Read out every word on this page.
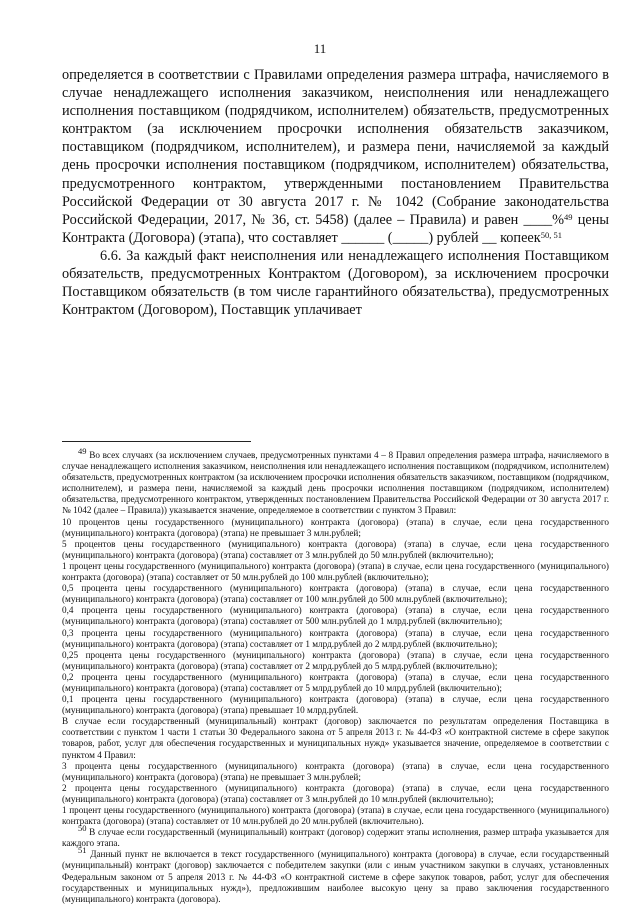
11

определяется в соответствии с Правилами определения размера штрафа, начисляемого в случае ненадлежащего исполнения заказчиком, неисполнения или ненадлежащего исполнения поставщиком (подрядчиком, исполнителем) обязательств, предусмотренных контрактом (за исключением просрочки исполнения обязательств заказчиком, поставщиком (подрядчиком, исполнителем), и размера пени, начисляемой за каждый день просрочки исполнения поставщиком (подрядчиком, исполнителем) обязательства, предусмотренного контрактом, утвержденными постановлением Правительства Российской Федерации от 30 августа 2017 г. № 1042 (Собрание законодательства Российской Федерации, 2017, № 36, ст. 5458) (далее – Правила) и равен ____%$^{49}$ цены Контракта (Договора) (этапа), что составляет ______ (_____) рублей __ копеек$^{50, 51}$

6.6. За каждый факт неисполнения или ненадлежащего исполнения Поставщиком обязательств, предусмотренных Контрактом (Договором), за исключением просрочки Поставщиком обязательств (в том числе гарантийного обязательства), предусмотренных Контрактом (Договором), Поставщик уплачивает

$^{49}$ Во всех случаях (за исключением случаев, предусмотренных пунктами 4 – 8 Правил определения размера штрафа, начисляемого в случае ненадлежащего исполнения заказчиком, неисполнения или ненадлежащего исполнения поставщиком (подрядчиком, исполнителем) обязательств, предусмотренных контрактом (за исключением просрочки исполнения обязательств заказчиком, поставщиком (подрядчиком, исполнителем), и размера пени, начисляемой за каждый день просрочки исполнения поставщиком (подрядчиком, исполнителем) обязательства, предусмотренного контрактом, утвержденных постановлением Правительства Российской Федерации от 30 августа 2017 г. № 1042 (далее – Правила)) указывается значение, определяемое в соответствии с пунктом 3 Правил:

10 процентов цены государственного (муниципального) контракта (договора) (этапа) в случае, если цена государственного (муниципального) контракта (договора) (этапа) не превышает 3 млн.рублей;

5 процентов цены государственного (муниципального) контракта (договора) (этапа) в случае, если цена государственного (муниципального) контракта (договора) (этапа) составляет от 3 млн.рублей до 50 млн.рублей (включительно);

1 процент цены государственного (муниципального) контракта (договора) (этапа) в случае, если цена государственного (муниципального) контракта (договора) (этапа) составляет от 50 млн.рублей до 100 млн.рублей (включительно);

0,5 процента цены государственного (муниципального) контракта (договора) (этапа) в случае, если цена государственного (муниципального) контракта (договора) (этапа) составляет от 100 млн.рублей до 500 млн.рублей (включительно);

0,4 процента цены государственного (муниципального) контракта (договора) (этапа) в случае, если цена государственного (муниципального) контракта (договора) (этапа) составляет от 500 млн.рублей до 1 млрд.рублей (включительно);

0,3 процента цены государственного (муниципального) контракта (договора) (этапа) в случае, если цена государственного (муниципального) контракта (договора) (этапа) составляет от 1 млрд.рублей до 2 млрд.рублей (включительно);

0,25 процента цены государственного (муниципального) контракта (договора) (этапа) в случае, если цена государственного (муниципального) контракта (договора) (этапа) составляет от 2 млрд.рублей до 5 млрд.рублей (включительно);

0,2 процента цены государственного (муниципального) контракта (договора) (этапа) в случае, если цена государственного (муниципального) контракта (договора) (этапа) составляет от 5 млрд.рублей до 10 млрд.рублей (включительно);

0,1 процента цены государственного (муниципального) контракта (договора) (этапа) в случае, если цена государственного (муниципального) контракта (договора) (этапа) превышает 10 млрд.рублей.

В случае если государственный (муниципальный) контракт (договор) заключается по результатам определения Поставщика в соответствии с пунктом 1 части 1 статьи 30 Федерального закона от 5 апреля 2013 г. № 44-ФЗ «О контрактной системе в сфере закупок товаров, работ, услуг для обеспечения государственных и муниципальных нужд» указывается значение, определяемое в соответствии с пунктом 4 Правил:

3 процента цены государственного (муниципального) контракта (договора) (этапа) в случае, если цена государственного (муниципального) контракта (договора) (этапа) не превышает 3 млн.рублей;

2 процента цены государственного (муниципального) контракта (договора) (этапа) в случае, если цена государственного (муниципального) контракта (договора) (этапа) составляет от 3 млн.рублей до 10 млн.рублей (включительно);

1 процент цены государственного (муниципального) контракта (договора) (этапа) в случае, если цена государственного (муниципального) контракта (договора) (этапа) составляет от 10 млн.рублей до 20 млн.рублей (включительно).

$^{50}$ В случае если государственный (муниципальный) контракт (договор) содержит этапы исполнения, размер штрафа указывается для каждого этапа.

$^{51}$ Данный пункт не включается в текст государственного (муниципального) контракта (договора) в случае, если государственный (муниципальный) контракт (договор) заключается с победителем закупки (или с иным участником закупки в случаях, установленных Федеральным законом от 5 апреля 2013 г. № 44-ФЗ «О контрактной системе в сфере закупок товаров, работ, услуг для обеспечения государственных и муниципальных нужд»), предложившим наиболее высокую цену за право заключения государственного (муниципального) контракта (договора).
